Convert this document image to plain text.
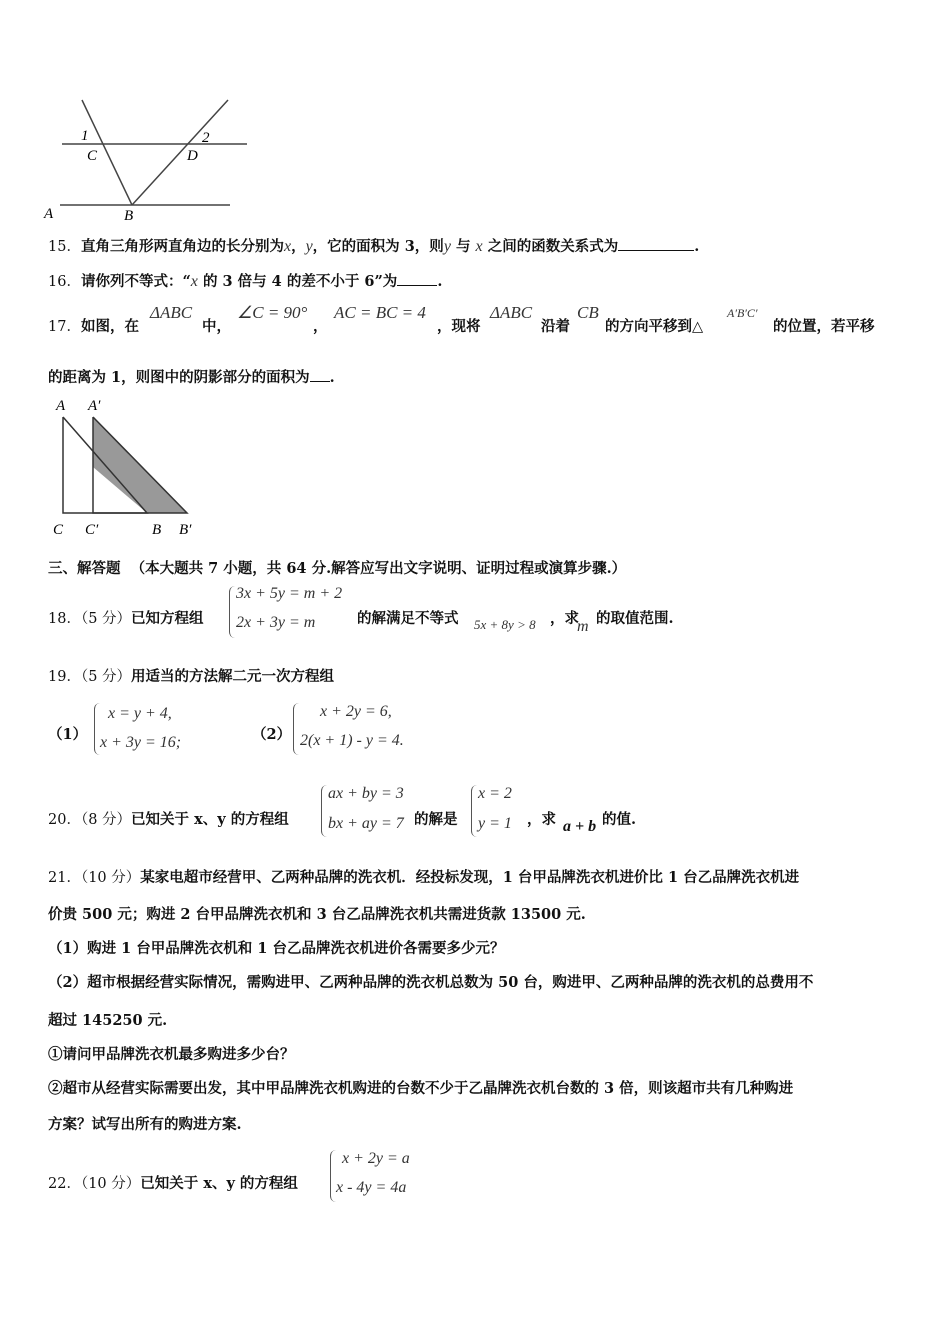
1	2
C	D
A	B
15．直角三角形两直角边的长分别为x，y，它的面积为 3，则y 与 x 之间的函数关系式为	.
16．请你列不等式：“x 的 3 倍与 4 的差不小于 6”为	.
17．如图，在
ΔABC
中，
∠C = 90°
，
AC = BC = 4
，现将
ΔABC
沿着
CB
的方向平移到△
A′B′C′
的位置，若平移
的距离为 1，则图中的阴影部分的面积为 .
A A′
C C′	B B′
三、解答题 （本大题共 7 小题，共 64 分.解答应写出文字说明、证明过程或演算步骤.）
18．（5 分）已知方程组
3x + 5y = m + 2
2x + 3y = m	的解满足不等式 5x + 8y > 8 ，求
m 的取值范围.
19．（5 分）用适当的方法解二元一次方程组
（1）
x = y + 4,
x + 3y = 16;	（2）
x + 2y = 6,
2(x + 1) - y = 4.
20．（8 分）已知关于 x、y 的方程组
ax + by = 3
bx + ay = 7 的解是
x = 2
y = 1 ，求 a + b 的值.
21．（10 分）某家电超市经营甲、乙两种品牌的洗衣机．经投标发现，1 台甲品牌洗衣机进价比 1 台乙品牌洗衣机进
价贵 500 元；购进 2 台甲品牌洗衣机和 3 台乙品牌洗衣机共需进货款 13500 元.
（1）购进 1 台甲品牌洗衣机和 1 台乙品牌洗衣机进价各需要多少元？
（2）超市根据经营实际情况，需购进甲、乙两种品牌的洗衣机总数为 50 台，购进甲、乙两种品牌的洗衣机的总费用不
超过 145250 元.
①请问甲品牌洗衣机最多购进多少台？
②超市从经营实际需要出发，其中甲品牌洗衣机购进的台数不少于乙晶牌洗衣机台数的 3 倍，则该超市共有几种购进
方案？试写出所有的购进方案.
22．（10 分）已知关于 x、y 的方程组
x + 2y = a
x - 4y = 4a
